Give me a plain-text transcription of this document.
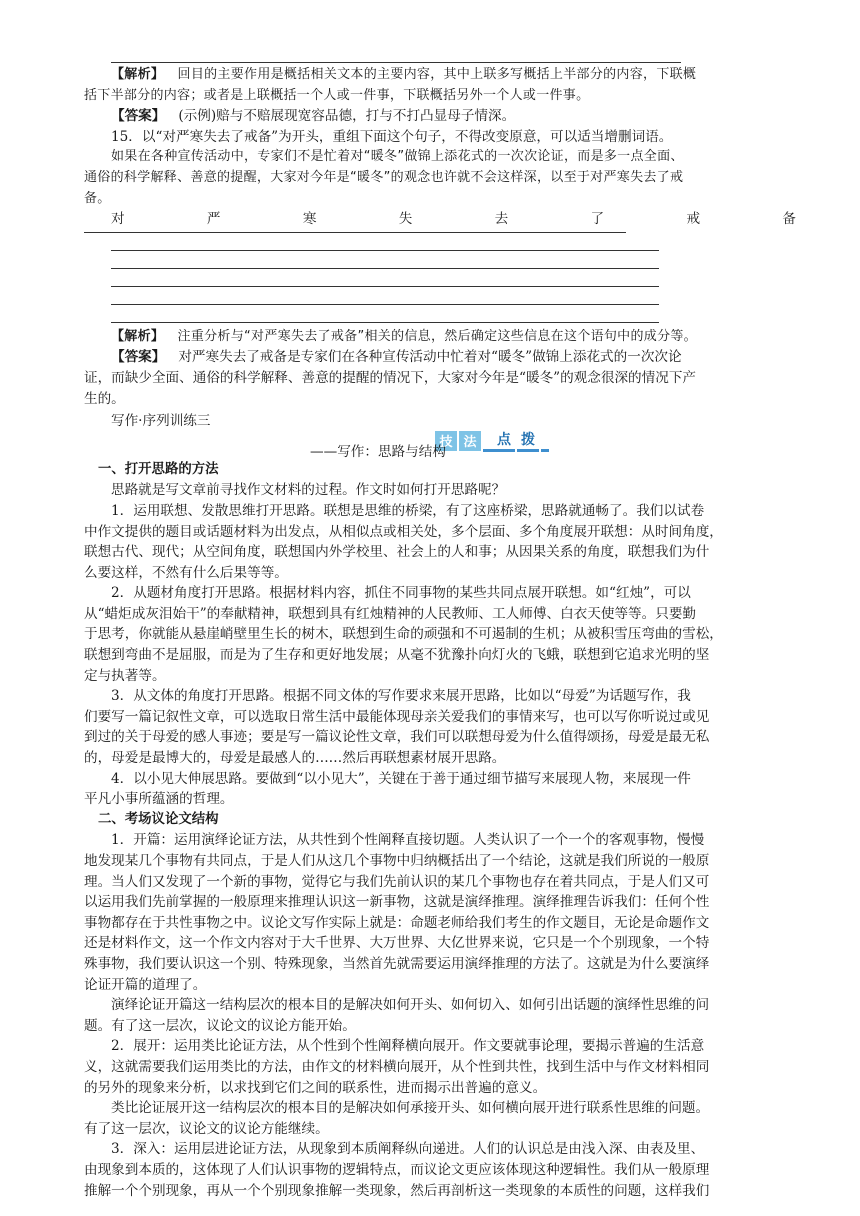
【解析】 回目的主要作用是概括相关文本的主要内容，其中上联多写概括上半部分的内容，下联概
括下半部分的内容；或者是上联概括一个人或一件事，下联概括另外一个人或一件事。
【答案】 (示例)赔与不赔展现宽容品德，打与不打凸显母子情深。
15．以“对严寒失去了戒备”为开头，重组下面这个句子，不得改变原意，可以适当增删词语。
如果在各种宣传活动中，专家们不是忙着对“暖冬”做锦上添花式的一次次论证，而是多一点全面、
通俗的科学解释、善意的提醒，大家对今年是“暖冬”的观念也许就不会这样深，以至于对严寒失去了戒
备。
对	严	寒	失	去	了	戒	备
【解析】 注重分析与“对严寒失去了戒备”相关的信息，然后确定这些信息在这个语句中的成分等。
【答案】 对严寒失去了戒备是专家们在各种宣传活动中忙着对“暖冬”做锦上添花式的一次次论
证，而缺少全面、通俗的科学解释、善意的提醒的情况下，大家对今年是“暖冬”的观念很深的情况下产
生的。
写作·序列训练三
技 法	点 拨
——写作：思路与结构
一、打开思路的方法
思路就是写文章前寻找作文材料的过程。作文时如何打开思路呢？
1．运用联想、发散思维打开思路。联想是思维的桥梁，有了这座桥梁，思路就通畅了。我们以试卷
中作文提供的题目或话题材料为出发点，从相似点或相关处，多个层面、多个角度展开联想：从时间角度，
联想古代、现代；从空间角度，联想国内外学校里、社会上的人和事；从因果关系的角度，联想我们为什
么要这样，不然有什么后果等等。
2．从题材角度打开思路。根据材料内容，抓住不同事物的某些共同点展开联想。如“红烛”，可以
从“蜡炬成灰泪始干”的奉献精神，联想到具有红烛精神的人民教师、工人师傅、白衣天使等等。只要勤
于思考，你就能从悬崖峭壁里生长的树木，联想到生命的顽强和不可遏制的生机；从被积雪压弯曲的雪松，
联想到弯曲不是屈服，而是为了生存和更好地发展；从毫不犹豫扑向灯火的飞蛾，联想到它追求光明的坚
定与执著等。
3．从文体的角度打开思路。根据不同文体的写作要求来展开思路，比如以“母爱”为话题写作，我
们要写一篇记叙性文章，可以选取日常生活中最能体现母亲关爱我们的事情来写，也可以写你听说过或见
到过的关于母爱的感人事迹；要是写一篇议论性文章，我们可以联想母爱为什么值得颂扬，母爱是最无私
的，母爱是最博大的，母爱是最感人的……然后再联想素材展开思路。
4．以小见大伸展思路。要做到“以小见大”，关键在于善于通过细节描写来展现人物，来展现一件
平凡小事所蕴涵的哲理。
二、考场议论文结构
1．开篇：运用演绎论证方法，从共性到个性阐释直接切题。人类认识了一个一个的客观事物，慢慢
地发现某几个事物有共同点，于是人们从这几个事物中归纳概括出了一个结论，这就是我们所说的一般原
理。当人们又发现了一个新的事物，觉得它与我们先前认识的某几个事物也存在着共同点，于是人们又可
以运用我们先前掌握的一般原理来推理认识这一新事物，这就是演绎推理。演绎推理告诉我们：任何个性
事物都存在于共性事物之中。议论文写作实际上就是：命题老师给我们考生的作文题目，无论是命题作文
还是材料作文，这一个作文内容对于大千世界、大万世界、大亿世界来说，它只是一个个别现象，一个特
殊事物，我们要认识这一个别、特殊现象，当然首先就需要运用演绎推理的方法了。这就是为什么要演绎
论证开篇的道理了。
演绎论证开篇这一结构层次的根本目的是解决如何开头、如何切入、如何引出话题的演绎性思维的问
题。有了这一层次，议论文的议论方能开始。
2．展开：运用类比论证方法，从个性到个性阐释横向展开。作文要就事论理，要揭示普遍的生活意
义，这就需要我们运用类比的方法，由作文的材料横向展开，从个性到共性，找到生活中与作文材料相同
的另外的现象来分析，以求找到它们之间的联系性，进而揭示出普遍的意义。
类比论证展开这一结构层次的根本目的是解决如何承接开头、如何横向展开进行联系性思维的问题。
有了这一层次，议论文的议论方能继续。
3．深入：运用层进论证方法，从现象到本质阐释纵向递进。人们的认识总是由浅入深、由表及里、
由现象到本质的，这体现了人们认识事物的逻辑特点，而议论文更应该体现这种逻辑性。我们从一般原理
推解一个个别现象，再从一个个别现象推解一类现象，然后再剖析这一类现象的本质性的问题，这样我们
